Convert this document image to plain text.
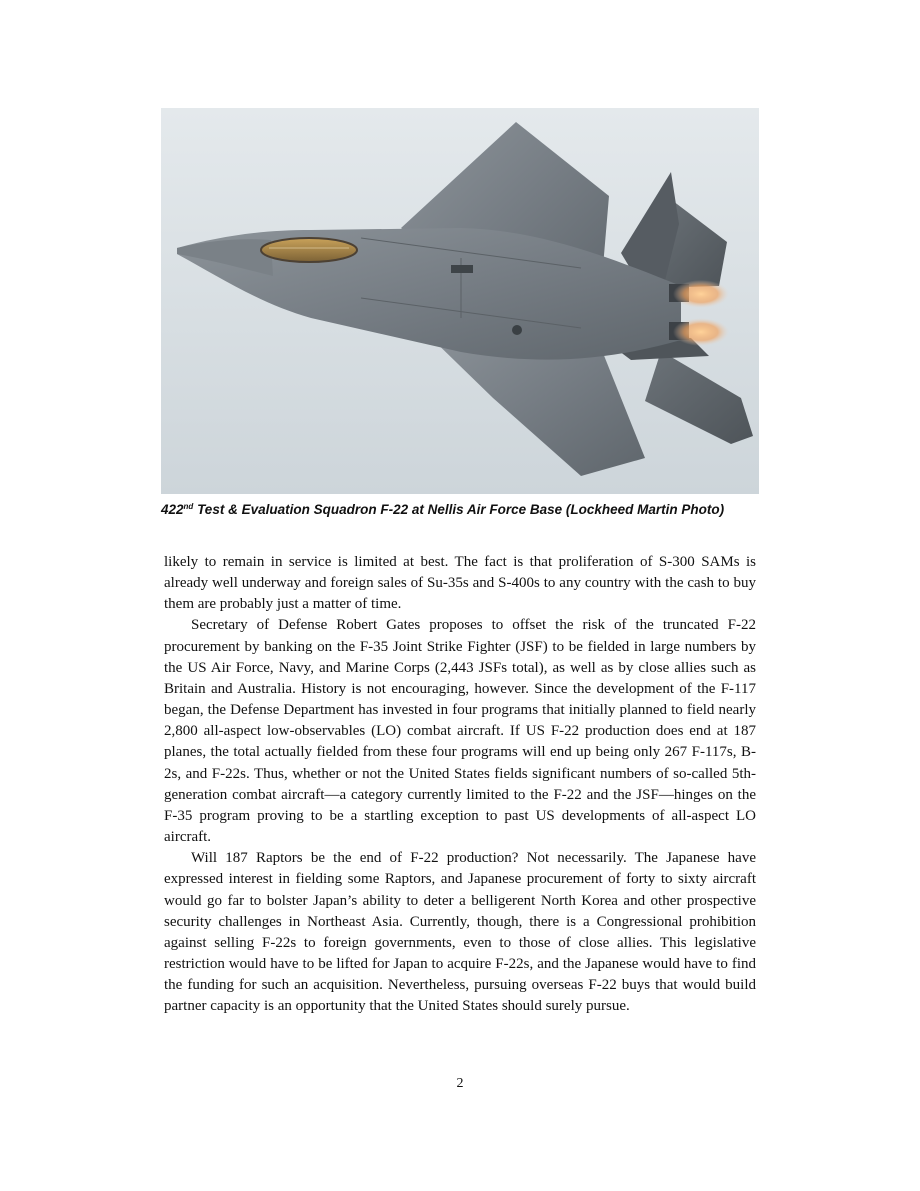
422nd Test & Evaluation Squadron F-22 at Nellis Air Force Base (Lockheed Martin Photo)

likely to remain in service is limited at best. The fact is that proliferation of S-300 SAMs is already well underway and foreign sales of Su-35s and S-400s to any country with the cash to buy them are probably just a matter of time.

Secretary of Defense Robert Gates proposes to offset the risk of the truncated F-22 procurement by banking on the F-35 Joint Strike Fighter (JSF) to be fielded in large numbers by the US Air Force, Navy, and Marine Corps (2,443 JSFs total), as well as by close allies such as Britain and Australia. History is not encouraging, however. Since the development of the F-117 began, the Defense Department has invested in four programs that initially planned to field nearly 2,800 all-aspect low-observables (LO) combat aircraft. If US F-22 production does end at 187 planes, the total actually fielded from these four programs will end up being only 267 F-117s, B-2s, and F-22s. Thus, whether or not the United States fields significant numbers of so-called 5th-generation combat aircraft—a category currently limited to the F-22 and the JSF—hinges on the F-35 program proving to be a startling exception to past US developments of all-aspect LO aircraft.

Will 187 Raptors be the end of F-22 production? Not necessarily. The Japanese have expressed interest in fielding some Raptors, and Japanese procurement of forty to sixty aircraft would go far to bolster Japan’s ability to deter a belligerent North Korea and other prospective security challenges in Northeast Asia. Currently, though, there is a Congressional prohibition against selling F-22s to foreign governments, even to those of close allies. This legislative restriction would have to be lifted for Japan to acquire F-22s, and the Japanese would have to find the funding for such an acquisition. Nevertheless, pursuing overseas F-22 buys that would build partner capacity is an opportunity that the United States should surely pursue.

2
